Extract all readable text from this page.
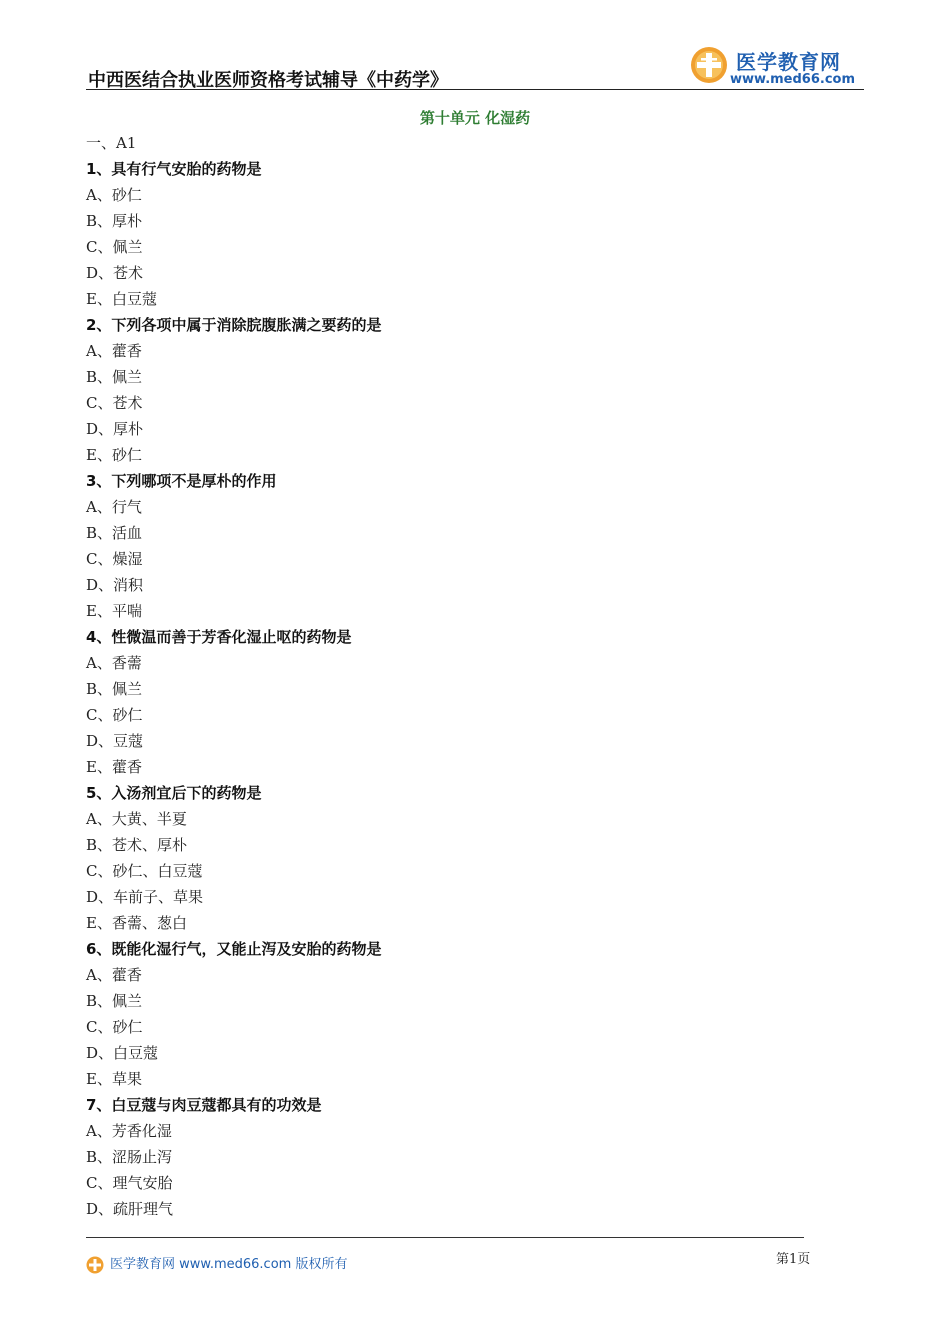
中西医结合执业医师资格考试辅导《中药学》
医学教育网
www.med66.com
第十单元 化湿药
一、A1
1、具有行气安胎的药物是
A、砂仁
B、厚朴
C、佩兰
D、苍术
E、白豆蔻
2、下列各项中属于消除脘腹胀满之要药的是
A、藿香
B、佩兰
C、苍术
D、厚朴
E、砂仁
3、下列哪项不是厚朴的作用
A、行气
B、活血
C、燥湿
D、消积
E、平喘
4、性微温而善于芳香化湿止呕的药物是
A、香薷
B、佩兰
C、砂仁
D、豆蔻
E、藿香
5、入汤剂宜后下的药物是
A、大黄、半夏
B、苍术、厚朴
C、砂仁、白豆蔻
D、车前子、草果
E、香薷、葱白
6、既能化湿行气，又能止泻及安胎的药物是
A、藿香
B、佩兰
C、砂仁
D、白豆蔻
E、草果
7、白豆蔻与肉豆蔻都具有的功效是
A、芳香化湿
B、涩肠止泻
C、理气安胎
D、疏肝理气
医学教育网 www.med66.com 版权所有	第1页
